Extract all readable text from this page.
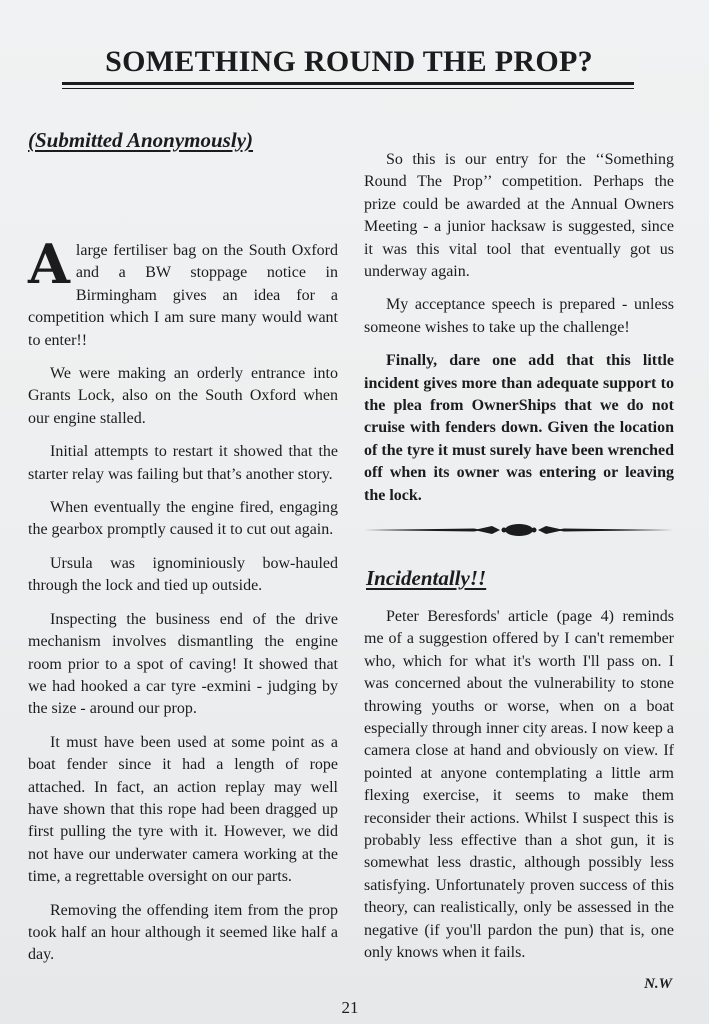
SOMETHING ROUND THE PROP?
(Submitted Anonymously)

Alarge fertiliser bag on the South Oxford and a BW stoppage notice in Birmingham gives an idea for a competition which I am sure many would want to enter!!

We were making an orderly entrance into Grants Lock, also on the South Oxford when our engine stalled.

Initial attempts to restart it showed that the starter relay was failing but that’s another story.

When eventually the engine fired, engaging the gearbox promptly caused it to cut out again.

Ursula was ignominiously bow-hauled through the lock and tied up outside.

Inspecting the business end of the drive mechanism involves dismantling the engine room prior to a spot of caving! It showed that we had hooked a car tyre -exmini - judging by the size - around our prop.

It must have been used at some point as a boat fender since it had a length of rope attached. In fact, an action replay may well have shown that this rope had been dragged up first pulling the tyre with it. However, we did not have our underwater camera working at the time, a regrettable oversight on our parts.

Removing the offending item from the prop took half an hour although it seemed like half a day.

So this is our entry for the ‘‘Something Round The Prop’’ competition. Perhaps the prize could be awarded at the Annual Owners Meeting - a junior hacksaw is suggested, since it was this vital tool that eventually got us underway again.

My acceptance speech is prepared - unless someone wishes to take up the challenge!

Finally, dare one add that this little incident gives more than adequate support to the plea from OwnerShips that we do not cruise with fenders down. Given the location of the tyre it must surely have been wrenched off when its owner was entering or leaving the lock.

Incidentally!!

Peter Beresfords' article (page 4) reminds me of a suggestion offered by I can't remember who, which for what it's worth I'll pass on. I was concerned about the vulnerability to stone throwing youths or worse, when on a boat especially through inner city areas. I now keep a camera close at hand and obviously on view. If pointed at anyone contemplating a little arm flexing exercise, it seems to make them reconsider their actions. Whilst I suspect this is probably less effective than a shot gun, it is somewhat less drastic, although possibly less satisfying. Unfortunately proven success of this theory, can realistically, only be assessed in the negative (if you'll pardon the pun) that is, one only knows when it fails.

N.W
21
